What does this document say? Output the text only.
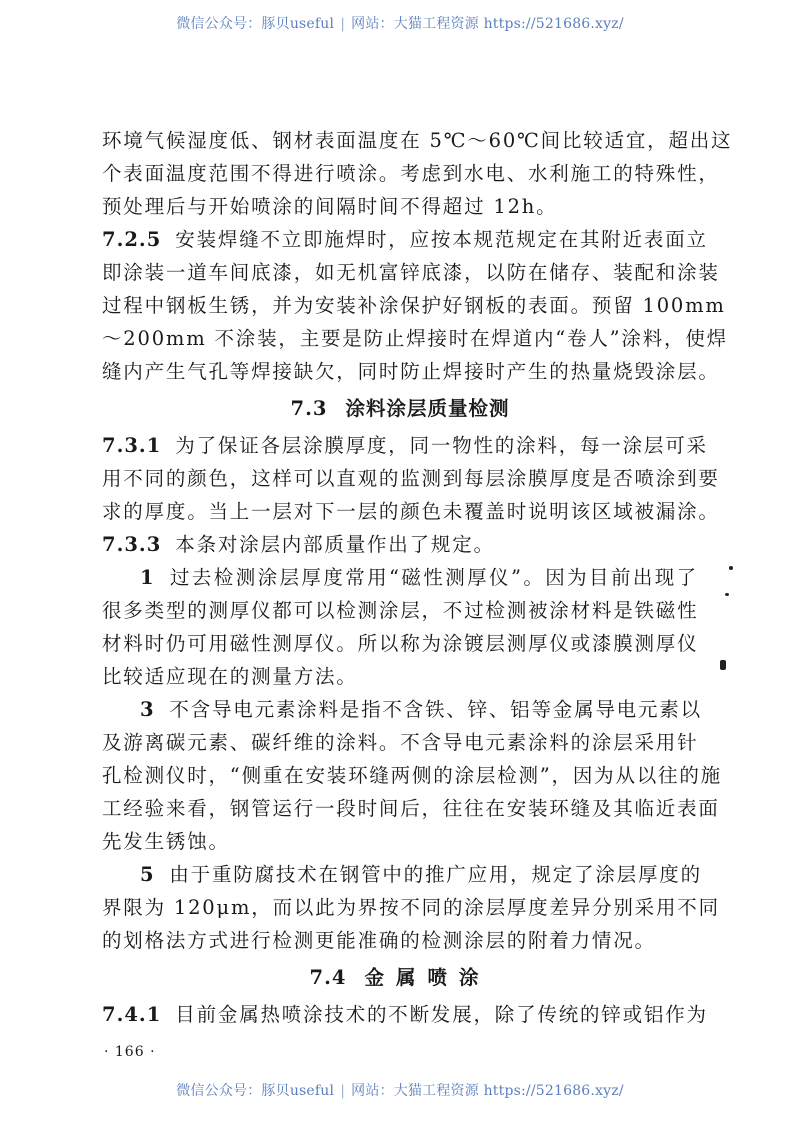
微信公众号：豚贝useful | 网站：大猫工程资源 https://521686.xyz/
环境气候湿度低、钢材表面温度在 5℃～60℃间比较适宜，超出这
个表面温度范围不得进行喷涂。考虑到水电、水利施工的特殊性，
预处理后与开始喷涂的间隔时间不得超过 12h。
7.2.5 安装焊缝不立即施焊时，应按本规范规定在其附近表面立
即涂装一道车间底漆，如无机富锌底漆，以防在储存、装配和涂装
过程中钢板生锈，并为安装补涂保护好钢板的表面。预留 100mm
～200mm 不涂装，主要是防止焊接时在焊道内“卷人”涂料，使焊
缝内产生气孔等焊接缺欠，同时防止焊接时产生的热量烧毁涂层。
7.3 涂料涂层质量检测
7.3.1 为了保证各层涂膜厚度，同一物性的涂料，每一涂层可采
用不同的颜色，这样可以直观的监测到每层涂膜厚度是否喷涂到要
求的厚度。当上一层对下一层的颜色未覆盖时说明该区域被漏涂。
7.3.3 本条对涂层内部质量作出了规定。
1 过去检测涂层厚度常用“磁性测厚仪”。因为目前出现了
很多类型的测厚仪都可以检测涂层，不过检测被涂材料是铁磁性
材料时仍可用磁性测厚仪。所以称为涂镀层测厚仪或漆膜测厚仪
比较适应现在的测量方法。
3 不含导电元素涂料是指不含铁、锌、铝等金属导电元素以
及游离碳元素、碳纤维的涂料。不含导电元素涂料的涂层采用针
孔检测仪时，“侧重在安装环缝两侧的涂层检测”，因为从以往的施
工经验来看，钢管运行一段时间后，往往在安装环缝及其临近表面
先发生锈蚀。
5 由于重防腐技术在钢管中的推广应用，规定了涂层厚度的
界限为 120μm，而以此为界按不同的涂层厚度差异分别采用不同
的划格法方式进行检测更能准确的检测涂层的附着力情况。
7.4 金属喷涂
7.4.1 目前金属热喷涂技术的不断发展，除了传统的锌或铝作为
· 166 ·
微信公众号：豚贝useful | 网站：大猫工程资源 https://521686.xyz/
